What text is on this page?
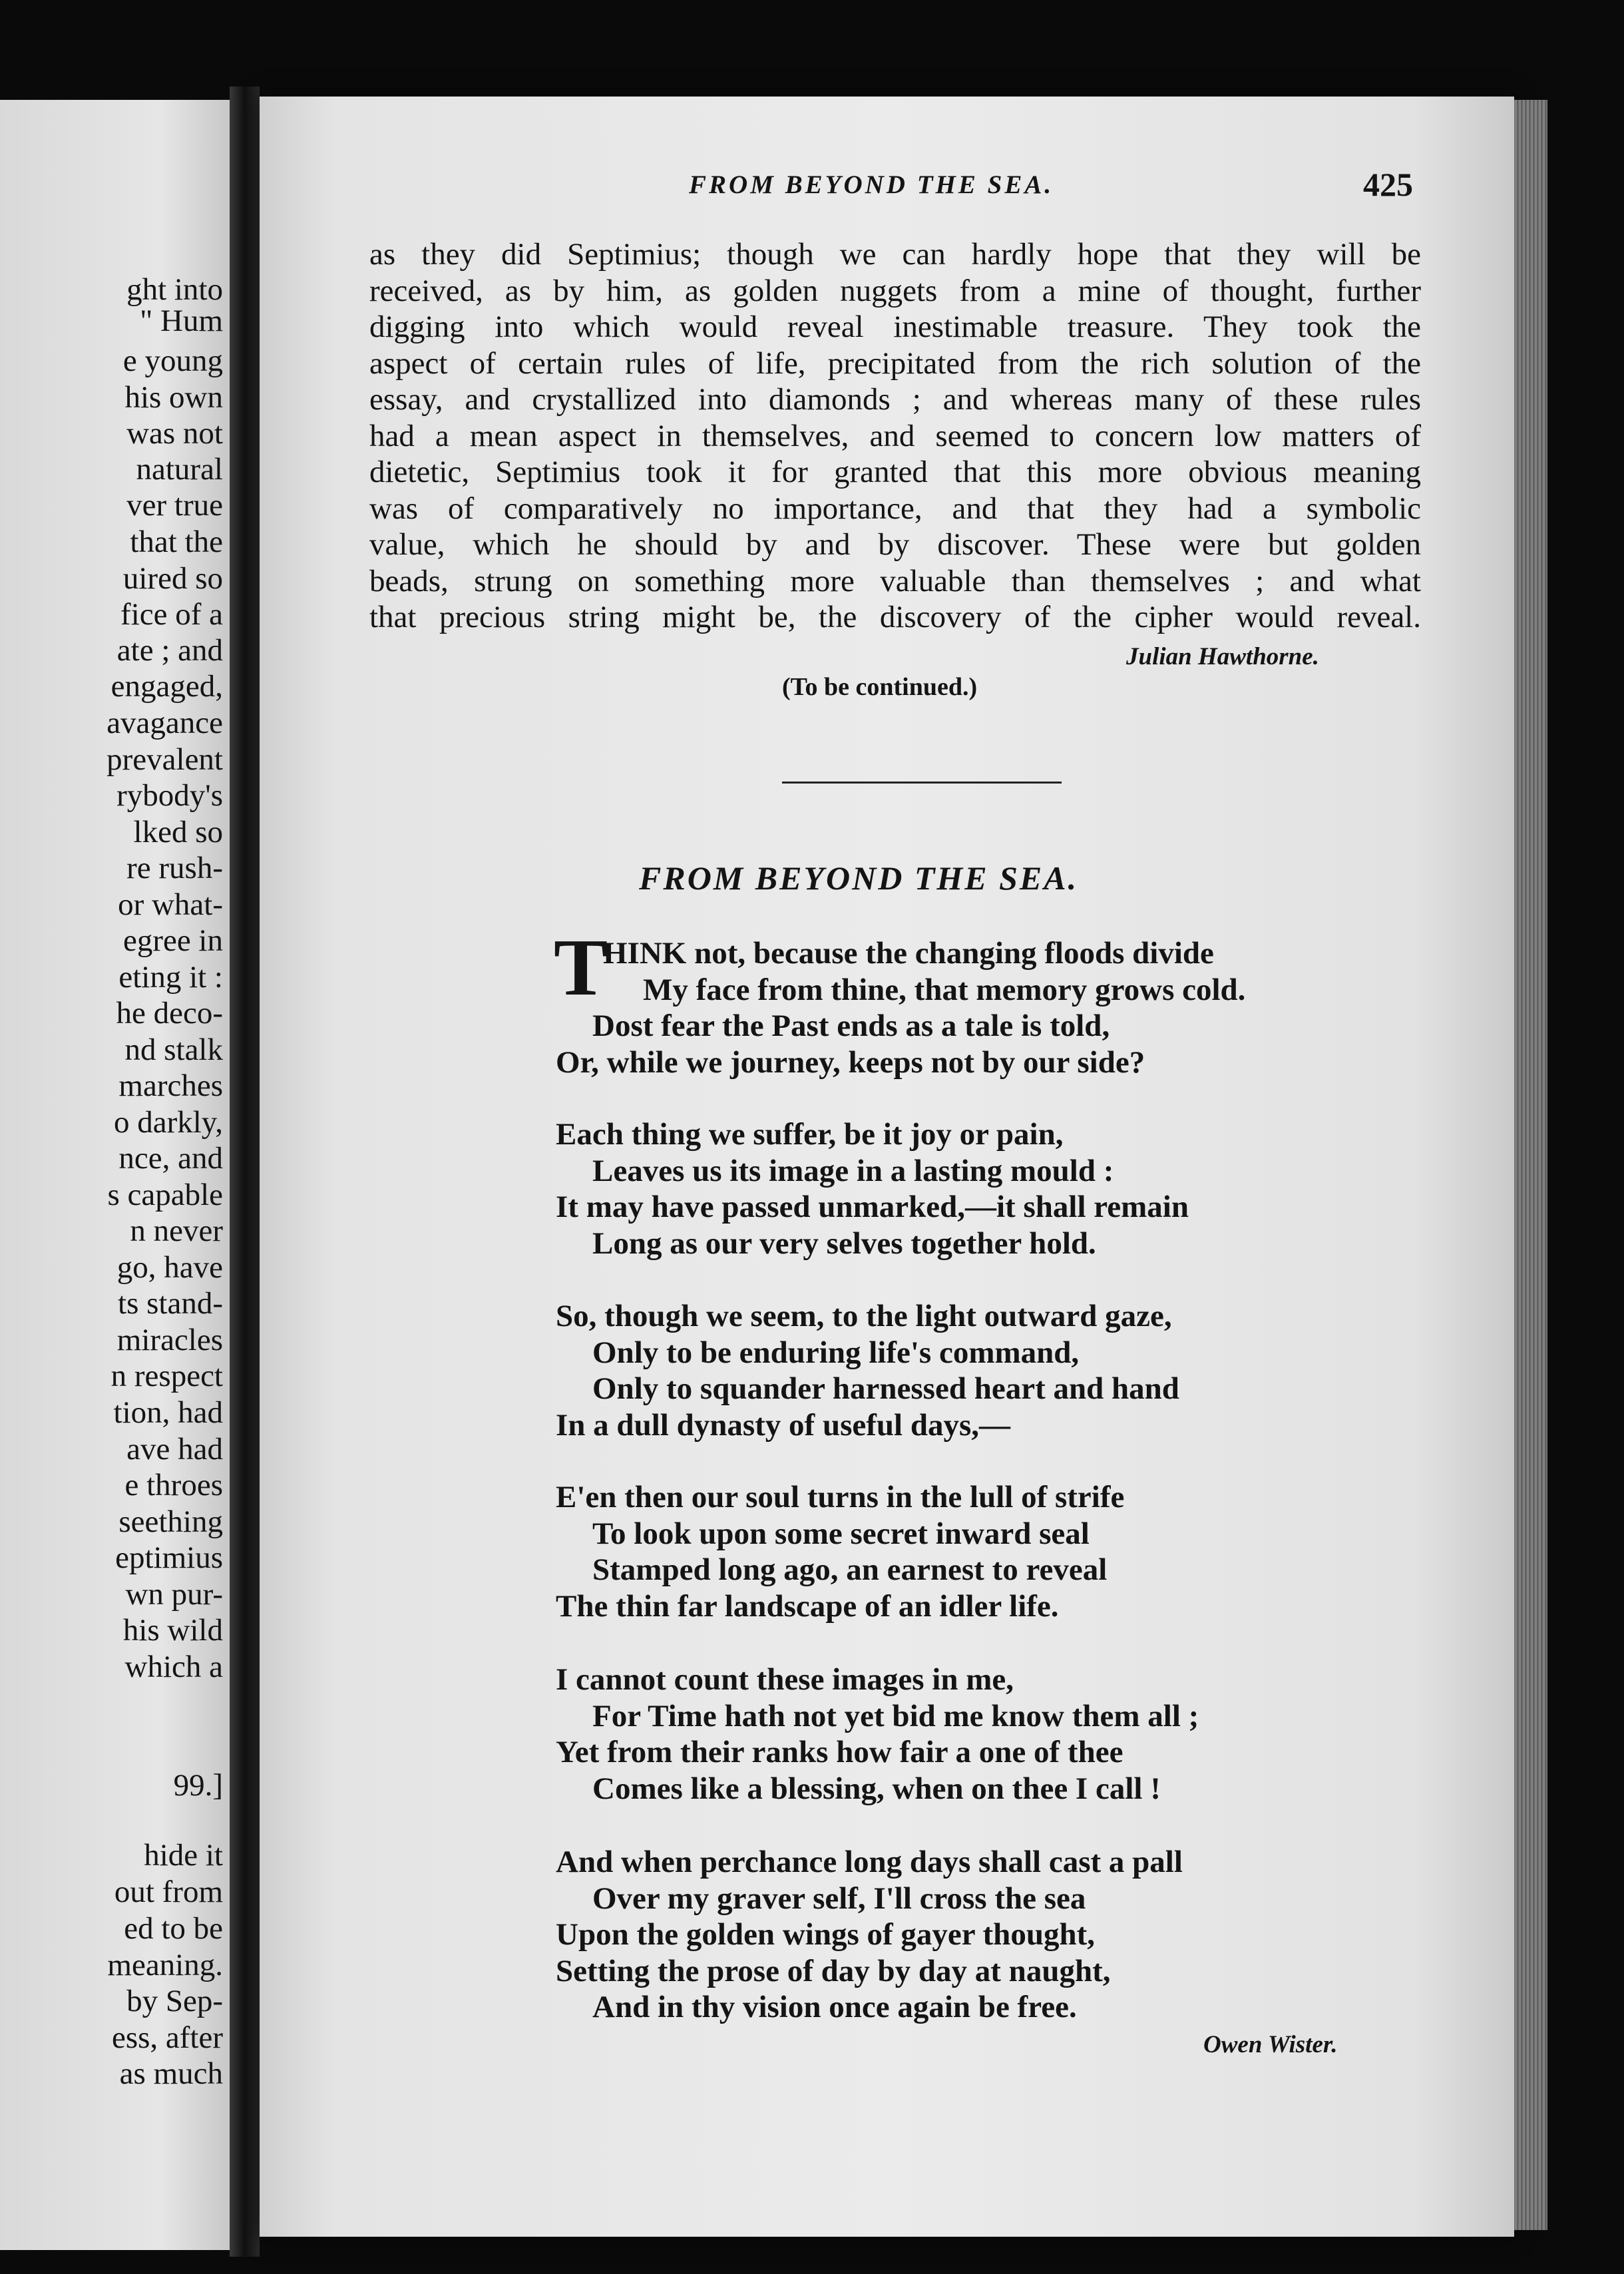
ght into
" Hum
e young
his own
was not
natural
ver true
that the
uired so
fice of a
ate ; and
engaged,
avagance
prevalent
rybody's
lked so
re rush-
or what-
egree in
eting it :
he deco-
nd stalk
marches
o darkly,
nce, and
s capable
n never
go, have
ts stand-
miracles
n respect
tion, had
ave had
e throes
seething
eptimius
wn pur-
his wild
which a
99.]
hide it
out from
ed to be
meaning.
by Sep-
ess, after
as much
FROM BEYOND THE SEA.	425
as they did Septimius; though we can hardly hope that they will be
received, as by him, as golden nuggets from a mine of thought, further
digging into which would reveal inestimable treasure. They took the
aspect of certain rules of life, precipitated from the rich solution of the
essay, and crystallized into diamonds ; and whereas many of these rules
had a mean aspect in themselves, and seemed to concern low matters of
dietetic, Septimius took it for granted that this more obvious meaning
was of comparatively no importance, and that they had a symbolic
value, which he should by and by discover. These were but golden
beads, strung on something more valuable than themselves ; and what
that precious string might be, the discovery of the cipher would reveal.
Julian Hawthorne.
(To be continued.)
FROM BEYOND THE SEA.
T
HINK not, because the changing floods divide
My face from thine, that memory grows cold.
Dost fear the Past ends as a tale is told,
Or, while we journey, keeps not by our side?
Each thing we suffer, be it joy or pain,
Leaves us its image in a lasting mould :
It may have passed unmarked,—it shall remain
Long as our very selves together hold.
So, though we seem, to the light outward gaze,
Only to be enduring life's command,
Only to squander harnessed heart and hand
In a dull dynasty of useful days,—
E'en then our soul turns in the lull of strife
To look upon some secret inward seal
Stamped long ago, an earnest to reveal
The thin far landscape of an idler life.
I cannot count these images in me,
For Time hath not yet bid me know them all ;
Yet from their ranks how fair a one of thee
Comes like a blessing, when on thee I call !
And when perchance long days shall cast a pall
Over my graver self, I'll cross the sea
Upon the golden wings of gayer thought,
Setting the prose of day by day at naught,
And in thy vision once again be free.
Owen Wister.
